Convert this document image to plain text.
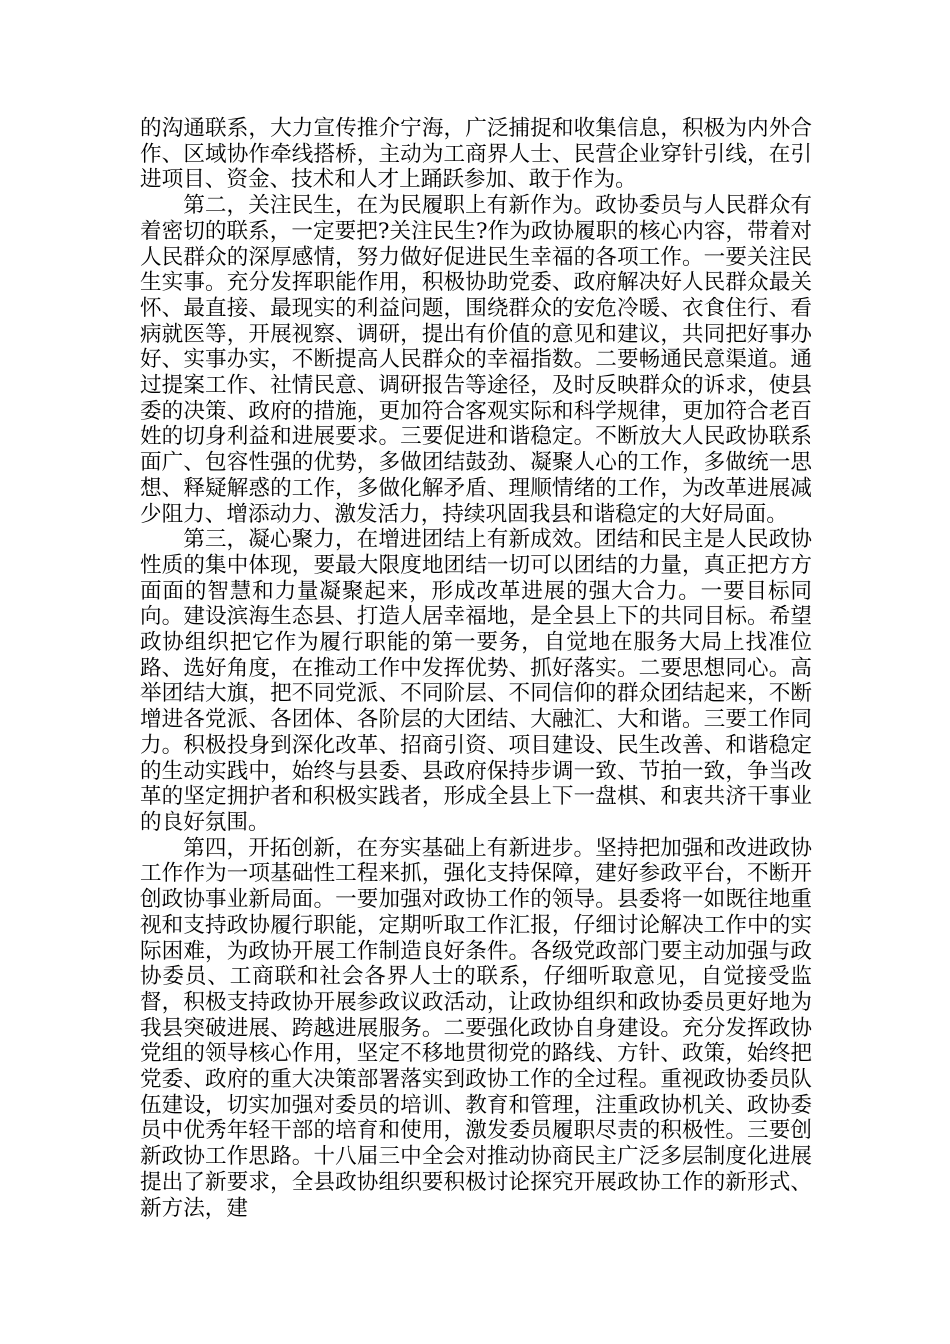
的沟通联系，大力宣传推介宁海，广泛捕捉和收集信息，积极为内外合作、区域协作牵线搭桥，主动为工商界人士、民营企业穿针引线，在引进项目、资金、技术和人才上踊跃参加、敢于作为。

第二，关注民生，在为民履职上有新作为。政协委员与人民群众有着密切的联系，一定要把?关注民生?作为政协履职的核心内容，带着对人民群众的深厚感情，努力做好促进民生幸福的各项工作。一要关注民生实事。充分发挥职能作用，积极协助党委、政府解决好人民群众最关怀、最直接、最现实的利益问题，围绕群众的安危冷暖、衣食住行、看病就医等，开展视察、调研，提出有价值的意见和建议，共同把好事办好、实事办实，不断提高人民群众的幸福指数。二要畅通民意渠道。通过提案工作、社情民意、调研报告等途径，及时反映群众的诉求，使县委的决策、政府的措施，更加符合客观实际和科学规律，更加符合老百姓的切身利益和进展要求。三要促进和谐稳定。不断放大人民政协联系面广、包容性强的优势，多做团结鼓劲、凝聚人心的工作，多做统一思想、释疑解惑的工作，多做化解矛盾、理顺情绪的工作，为改革进展减少阻力、增添动力、激发活力，持续巩固我县和谐稳定的大好局面。

第三，凝心聚力，在增进团结上有新成效。团结和民主是人民政协性质的集中体现，要最大限度地团结一切可以团结的力量，真正把方方面面的智慧和力量凝聚起来，形成改革进展的强大合力。一要目标同向。建设滨海生态县、打造人居幸福地，是全县上下的共同目标。希望政协组织把它作为履行职能的第一要务，自觉地在服务大局上找准位路、选好角度，在推动工作中发挥优势、抓好落实。二要思想同心。高举团结大旗，把不同党派、不同阶层、不同信仰的群众团结起来，不断增进各党派、各团体、各阶层的大团结、大融汇、大和谐。三要工作同力。积极投身到深化改革、招商引资、项目建设、民生改善、和谐稳定的生动实践中，始终与县委、县政府保持步调一致、节拍一致，争当改革的坚定拥护者和积极实践者，形成全县上下一盘棋、和衷共济干事业的良好氛围。

第四，开拓创新，在夯实基础上有新进步。坚持把加强和改进政协工作作为一项基础性工程来抓，强化支持保障，建好参政平台，不断开创政协事业新局面。一要加强对政协工作的领导。县委将一如既往地重视和支持政协履行职能，定期听取工作汇报，仔细讨论解决工作中的实际困难，为政协开展工作制造良好条件。各级党政部门要主动加强与政协委员、工商联和社会各界人士的联系，仔细听取意见，自觉接受监督，积极支持政协开展参政议政活动，让政协组织和政协委员更好地为我县突破进展、跨越进展服务。二要强化政协自身建设。充分发挥政协党组的领导核心作用，坚定不移地贯彻党的路线、方针、政策，始终把党委、政府的重大决策部署落实到政协工作的全过程。重视政协委员队伍建设，切实加强对委员的培训、教育和管理，注重政协机关、政协委员中优秀年轻干部的培育和使用，激发委员履职尽责的积极性。三要创新政协工作思路。十八届三中全会对推动协商民主广泛多层制度化进展提出了新要求，全县政协组织要积极讨论探究开展政协工作的新形式、新方法，建
